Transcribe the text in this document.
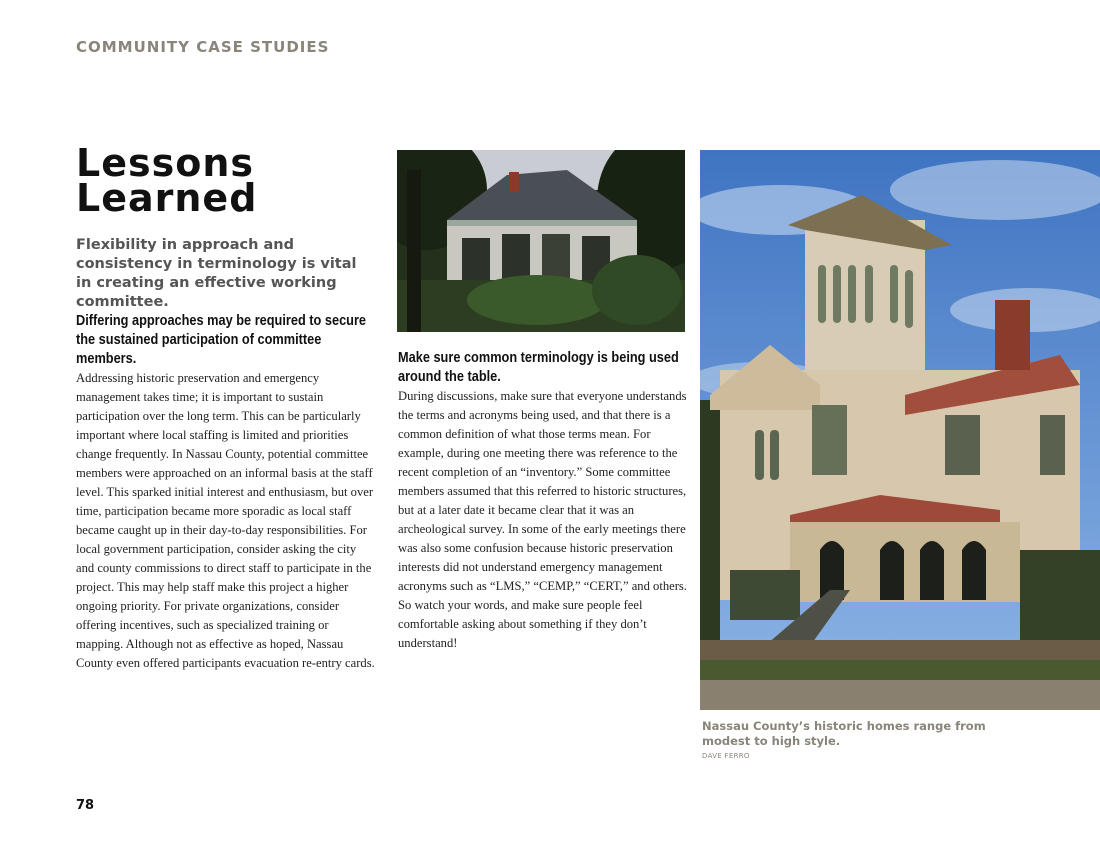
COMMUNITY CASE STUDIES
Lessons
Learned

Flexibility in approach and consistency in terminology is vital in creating an effective working committee.

Differing approaches may be required to secure the sustained participation of committee members.

Addressing historic preservation and emergency management takes time; it is important to sustain participation over the long term. This can be particularly important where local staffing is limited and priorities change frequently. In Nassau County, potential committee members were approached on an informal basis at the staff level. This sparked initial interest and enthusiasm, but over time, participation became more sporadic as local staff became caught up in their day-to-day responsibilities. For local government participation, consider asking the city and county commissions to direct staff to participate in the project. This may help staff make this project a higher ongoing priority. For private organizations, consider offering incentives, such as specialized training or mapping. Although not as effective as hoped, Nassau County even offered participants evacuation re-entry cards.

Make sure common terminology is being used around the table.

During discussions, make sure that everyone understands the terms and acronyms being used, and that there is a common definition of what those terms mean. For example, during one meeting there was reference to the recent completion of an “inventory.” Some committee members assumed that this referred to historic structures, but at a later date it became clear that it was an archeological survey. In some of the early meetings there was also some confusion because historic preservation interests did not understand emergency management acronyms such as “LMS,” “CEMP,” “CERT,” and others. So watch your words, and make sure people feel comfortable asking about something if they don’t understand!

Nassau County’s historic homes range from modest to high style.

DAVE FERRO
78
